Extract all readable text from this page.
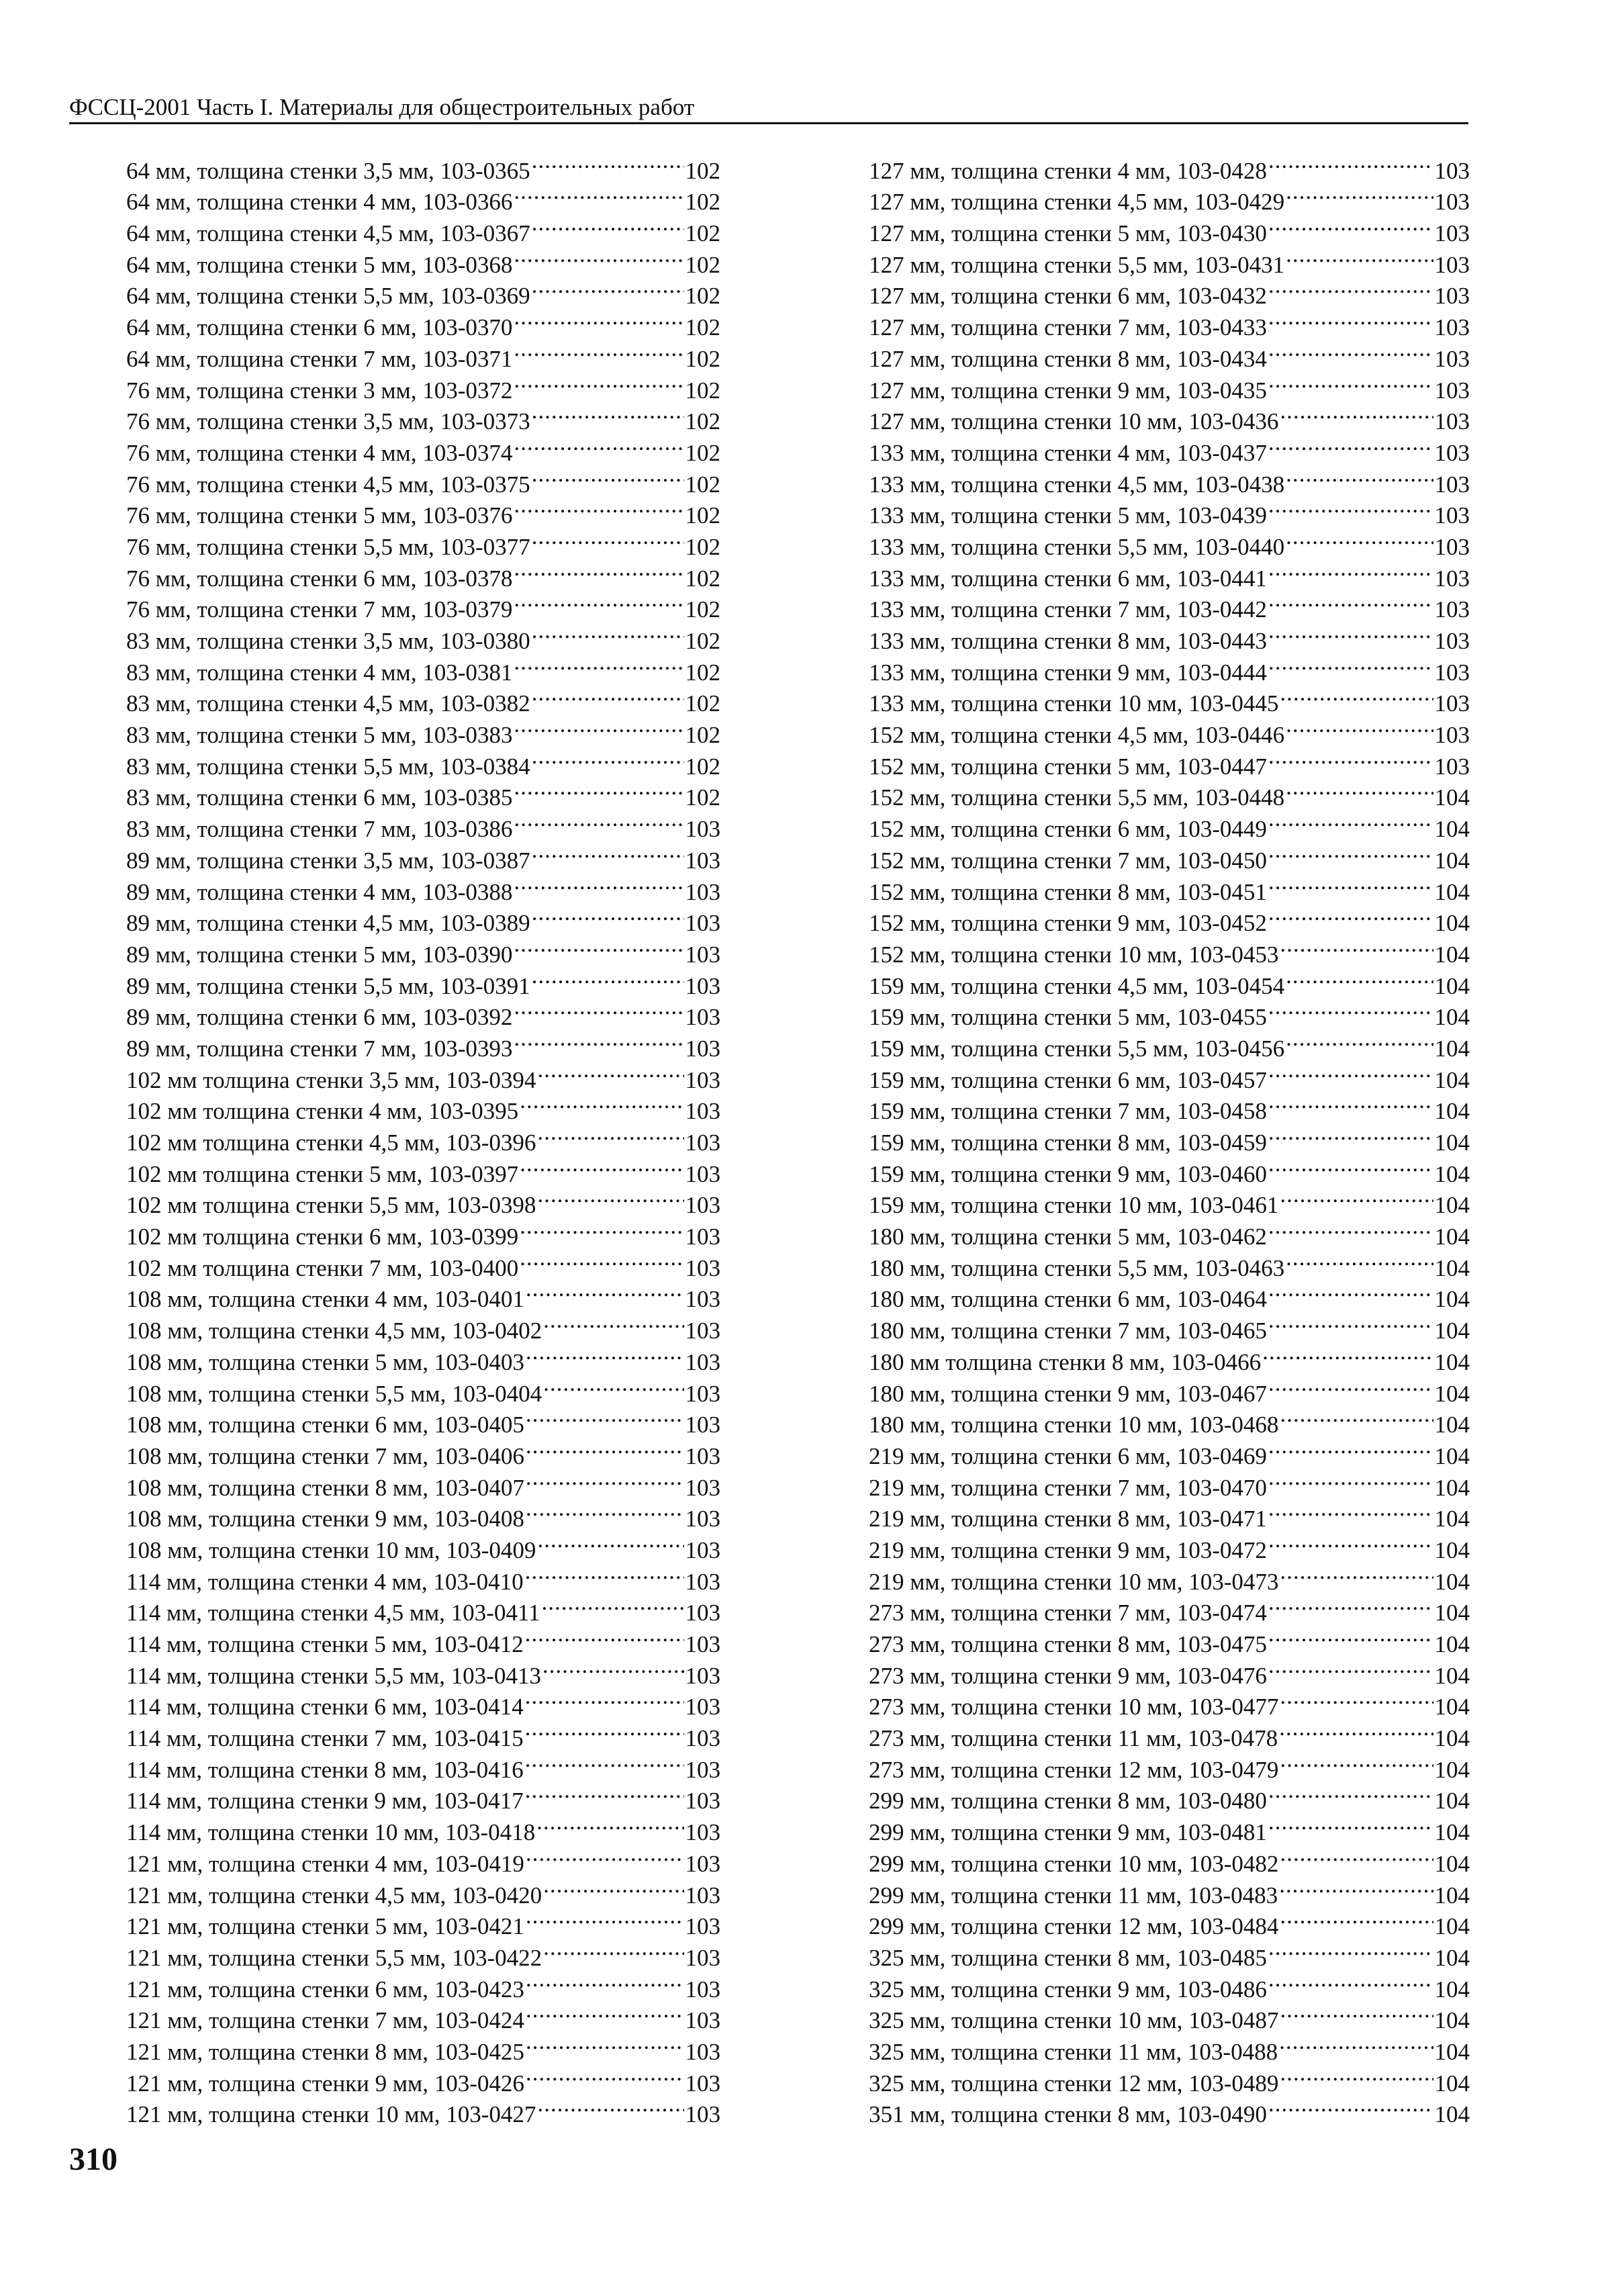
ФССЦ-2001 Часть I. Материалы для общестроительных работ
64 мм, толщина стенки 3,5 мм, 103-0365 .....	102
64 мм, толщина стенки 4 мм, 103-0366 .....	102
64 мм, толщина стенки 4,5 мм, 103-0367 .....	102
64 мм, толщина стенки 5 мм, 103-0368 .....	102
64 мм, толщина стенки 5,5 мм, 103-0369 .....	102
64 мм, толщина стенки 6 мм, 103-0370 .....	102
64 мм, толщина стенки 7 мм, 103-0371 .....	102
76 мм, толщина стенки 3 мм, 103-0372 .....	102
76 мм, толщина стенки 3,5 мм, 103-0373 .....	102
76 мм, толщина стенки 4 мм, 103-0374 .....	102
76 мм, толщина стенки 4,5 мм, 103-0375 .....	102
76 мм, толщина стенки 5 мм, 103-0376 .....	102
76 мм, толщина стенки 5,5 мм, 103-0377 .....	102
76 мм, толщина стенки 6 мм, 103-0378 .....	102
76 мм, толщина стенки 7 мм, 103-0379 .....	102
83 мм, толщина стенки 3,5 мм, 103-0380 .....	102
83 мм, толщина стенки 4 мм, 103-0381 .....	102
83 мм, толщина стенки 4,5 мм, 103-0382 .....	102
83 мм, толщина стенки 5 мм, 103-0383 .....	102
83 мм, толщина стенки 5,5 мм, 103-0384 .....	102
83 мм, толщина стенки 6 мм, 103-0385 .....	102
83 мм, толщина стенки 7 мм, 103-0386 .....	103
89 мм, толщина стенки 3,5 мм, 103-0387 .....	103
89 мм, толщина стенки 4 мм, 103-0388 .....	103
89 мм, толщина стенки 4,5 мм, 103-0389 .....	103
89 мм, толщина стенки 5 мм, 103-0390 .....	103
89 мм, толщина стенки 5,5 мм, 103-0391 .....	103
89 мм, толщина стенки 6 мм, 103-0392 .....	103
89 мм, толщина стенки 7 мм, 103-0393 .....	103
102 мм толщина стенки 3,5 мм, 103-0394 .....	103
102 мм толщина стенки 4 мм, 103-0395 .....	103
102 мм толщина стенки 4,5 мм, 103-0396 .....	103
102 мм толщина стенки 5 мм, 103-0397 .....	103
102 мм толщина стенки 5,5 мм, 103-0398 .....	103
102 мм толщина стенки 6 мм, 103-0399 .....	103
102 мм толщина стенки 7 мм, 103-0400 .....	103
108 мм, толщина стенки 4 мм, 103-0401 .....	103
108 мм, толщина стенки 4,5 мм, 103-0402 .....	103
108 мм, толщина стенки 5 мм, 103-0403 .....	103
108 мм, толщина стенки 5,5 мм, 103-0404 .....	103
108 мм, толщина стенки 6 мм, 103-0405 .....	103
108 мм, толщина стенки 7 мм, 103-0406 .....	103
108 мм, толщина стенки 8 мм, 103-0407 .....	103
108 мм, толщина стенки 9 мм, 103-0408 .....	103
108 мм, толщина стенки 10 мм, 103-0409 .....	103
114 мм, толщина стенки 4 мм, 103-0410 .....	103
114 мм, толщина стенки 4,5 мм, 103-0411 .....	103
114 мм, толщина стенки 5 мм, 103-0412 .....	103
114 мм, толщина стенки 5,5 мм, 103-0413 .....	103
114 мм, толщина стенки 6 мм, 103-0414 .....	103
114 мм, толщина стенки 7 мм, 103-0415 .....	103
114 мм, толщина стенки 8 мм, 103-0416 .....	103
114 мм, толщина стенки 9 мм, 103-0417 .....	103
114 мм, толщина стенки 10 мм, 103-0418 .....	103
121 мм, толщина стенки 4 мм, 103-0419 .....	103
121 мм, толщина стенки 4,5 мм, 103-0420 .....	103
121 мм, толщина стенки 5 мм, 103-0421 .....	103
121 мм, толщина стенки 5,5 мм, 103-0422 .....	103
121 мм, толщина стенки 6 мм, 103-0423 .....	103
121 мм, толщина стенки 7 мм, 103-0424 .....	103
121 мм, толщина стенки 8 мм, 103-0425 .....	103
121 мм, толщина стенки 9 мм, 103-0426 .....	103
121 мм, толщина стенки 10 мм, 103-0427 .....	103
127 мм, толщина стенки 4 мм, 103-0428 .....	103
127 мм, толщина стенки 4,5 мм, 103-0429 .....	103
127 мм, толщина стенки 5 мм, 103-0430 .....	103
127 мм, толщина стенки 5,5 мм, 103-0431 .....	103
127 мм, толщина стенки 6 мм, 103-0432 .....	103
127 мм, толщина стенки 7 мм, 103-0433 .....	103
127 мм, толщина стенки 8 мм, 103-0434 .....	103
127 мм, толщина стенки 9 мм, 103-0435 .....	103
127 мм, толщина стенки 10 мм, 103-0436 .....	103
133 мм, толщина стенки 4 мм, 103-0437 .....	103
133 мм, толщина стенки 4,5 мм, 103-0438 .....	103
133 мм, толщина стенки 5 мм, 103-0439 .....	103
133 мм, толщина стенки 5,5 мм, 103-0440 .....	103
133 мм, толщина стенки 6 мм, 103-0441 .....	103
133 мм, толщина стенки 7 мм, 103-0442 .....	103
133 мм, толщина стенки 8 мм, 103-0443 .....	103
133 мм, толщина стенки 9 мм, 103-0444 .....	103
133 мм, толщина стенки 10 мм, 103-0445 .....	103
152 мм, толщина стенки 4,5 мм, 103-0446 .....	103
152 мм, толщина стенки 5 мм, 103-0447 .....	103
152 мм, толщина стенки 5,5 мм, 103-0448 .....	104
152 мм, толщина стенки 6 мм, 103-0449 .....	104
152 мм, толщина стенки 7 мм, 103-0450 .....	104
152 мм, толщина стенки 8 мм, 103-0451 .....	104
152 мм, толщина стенки 9 мм, 103-0452 .....	104
152 мм, толщина стенки 10 мм, 103-0453 .....	104
159 мм, толщина стенки 4,5 мм, 103-0454 .....	104
159 мм, толщина стенки 5 мм, 103-0455 .....	104
159 мм, толщина стенки 5,5 мм, 103-0456 .....	104
159 мм, толщина стенки 6 мм, 103-0457 .....	104
159 мм, толщина стенки 7 мм, 103-0458 .....	104
159 мм, толщина стенки 8 мм, 103-0459 .....	104
159 мм, толщина стенки 9 мм, 103-0460 .....	104
159 мм, толщина стенки 10 мм, 103-0461 .....	104
180 мм, толщина стенки 5 мм, 103-0462 .....	104
180 мм, толщина стенки 5,5 мм, 103-0463 .....	104
180 мм, толщина стенки 6 мм, 103-0464 .....	104
180 мм, толщина стенки 7 мм, 103-0465 .....	104
180 мм толщина стенки 8 мм, 103-0466 .....	104
180 мм, толщина стенки 9 мм, 103-0467 .....	104
180 мм, толщина стенки 10 мм, 103-0468 .....	104
219 мм, толщина стенки 6 мм, 103-0469 .....	104
219 мм, толщина стенки 7 мм, 103-0470 .....	104
219 мм, толщина стенки 8 мм, 103-0471 .....	104
219 мм, толщина стенки 9 мм, 103-0472 .....	104
219 мм, толщина стенки 10 мм, 103-0473 .....	104
273 мм, толщина стенки 7 мм, 103-0474 .....	104
273 мм, толщина стенки 8 мм, 103-0475 .....	104
273 мм, толщина стенки 9 мм, 103-0476 .....	104
273 мм, толщина стенки 10 мм, 103-0477 .....	104
273 мм, толщина стенки 11 мм, 103-0478 .....	104
273 мм, толщина стенки 12 мм, 103-0479 .....	104
299 мм, толщина стенки 8 мм, 103-0480 .....	104
299 мм, толщина стенки 9 мм, 103-0481 .....	104
299 мм, толщина стенки 10 мм, 103-0482 .....	104
299 мм, толщина стенки 11 мм, 103-0483 .....	104
299 мм, толщина стенки 12 мм, 103-0484 .....	104
325 мм, толщина стенки 8 мм, 103-0485 .....	104
325 мм, толщина стенки 9 мм, 103-0486 .....	104
325 мм, толщина стенки 10 мм, 103-0487 .....	104
325 мм, толщина стенки 11 мм, 103-0488 .....	104
325 мм, толщина стенки 12 мм, 103-0489 .....	104
351 мм, толщина стенки 8 мм, 103-0490 .....	104
310
